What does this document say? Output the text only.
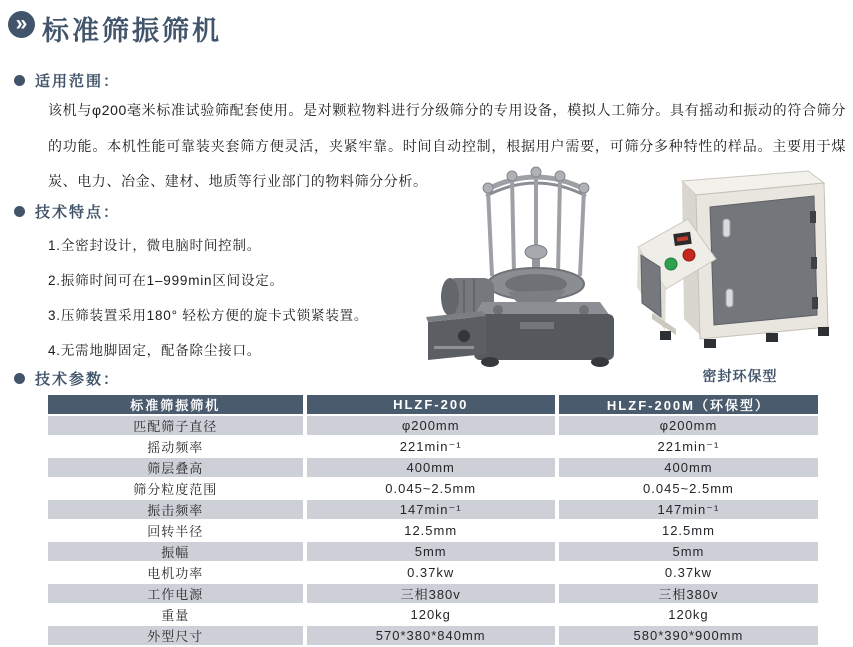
» 标准筛振筛机
适用范围：

该机与φ200毫米标准试验筛配套使用。是对颗粒物料进行分级筛分的专用设备，模拟人工筛分。具有摇动和振动的符合筛分的功能。本机性能可靠装夹套筛方便灵活，夹紧牢靠。时间自动控制，根据用户需要，可筛分多种特性的样品。主要用于煤炭、电力、冶金、建材、地质等行业部门的物料筛分分析。

技术特点：
1.全密封设计，微电脑时间控制。
2.振筛时间可在1–999min区间设定。
3.压筛装置采用180° 轻松方便的旋卡式锁紧装置。
4.无需地脚固定，配备除尘接口。
密封环保型
技术参数：
标准筛振筛机	HLZF-200	HLZF-200M（环保型）
匹配筛子直径	φ200mm	φ200mm
摇动频率	221min⁻¹	221min⁻¹
筛层叠高	400mm	400mm
筛分粒度范围	0.045~2.5mm	0.045~2.5mm
振击频率	147min⁻¹	147min⁻¹
回转半径	12.5mm	12.5mm
振幅	5mm	5mm
电机功率	0.37kw	0.37kw
工作电源	三相380v	三相380v
重量	120kg	120kg
外型尺寸	570*380*840mm	580*390*900mm
